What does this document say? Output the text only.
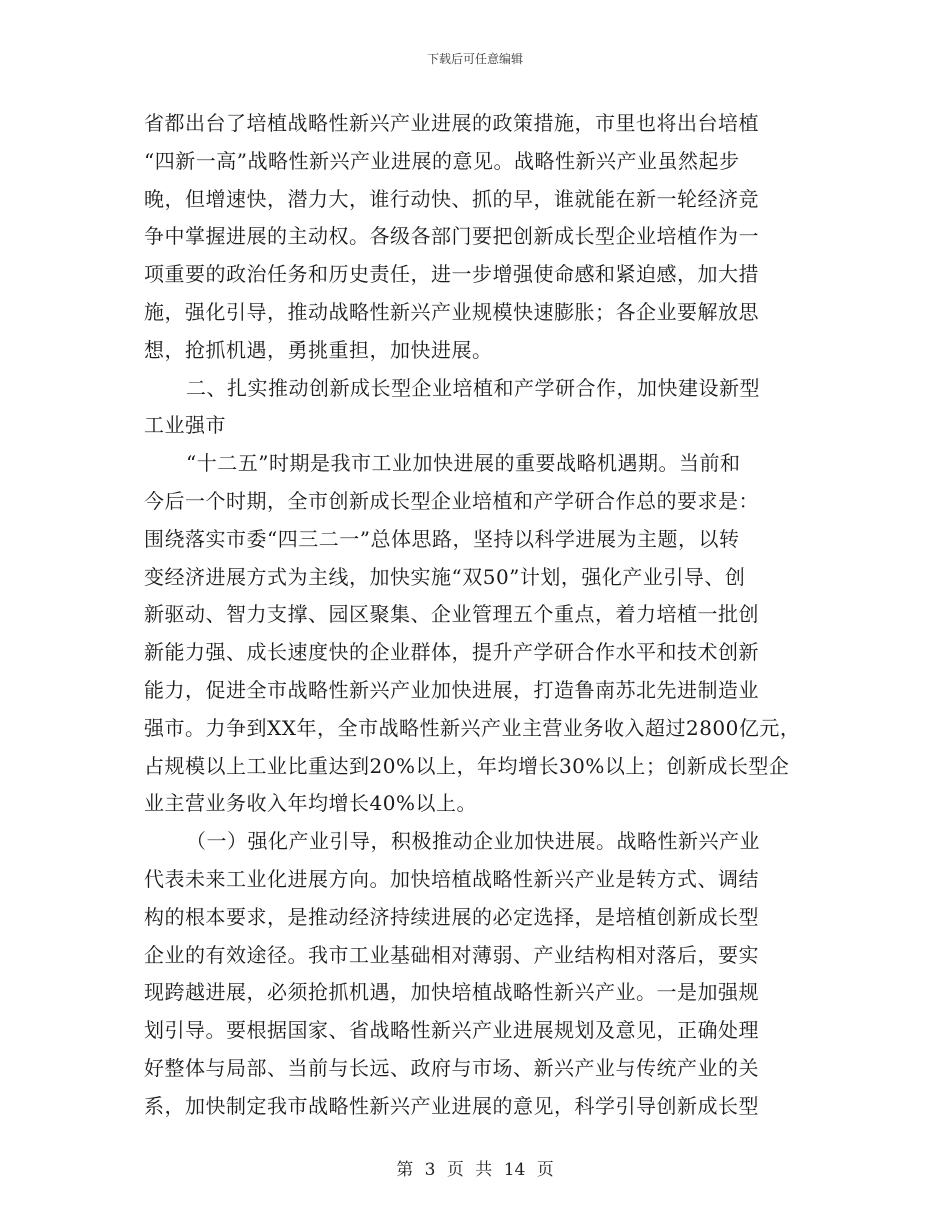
下载后可任意编辑
省都出台了培植战略性新兴产业进展的政策措施，市里也将出台培植
“四新一高”战略性新兴产业进展的意见。战略性新兴产业虽然起步
晚，但增速快，潜力大，谁行动快、抓的早，谁就能在新一轮经济竞
争中掌握进展的主动权。各级各部门要把创新成长型企业培植作为一
项重要的政治任务和历史责任，进一步增强使命感和紧迫感，加大措
施，强化引导，推动战略性新兴产业规模快速膨胀；各企业要解放思
想，抢抓机遇，勇挑重担，加快进展。
二、扎实推动创新成长型企业培植和产学研合作，加快建设新型
工业强市
“十二五”时期是我市工业加快进展的重要战略机遇期。当前和
今后一个时期，全市创新成长型企业培植和产学研合作总的要求是：
围绕落实市委“四三二一”总体思路，坚持以科学进展为主题，以转
变经济进展方式为主线，加快实施“双50”计划，强化产业引导、创
新驱动、智力支撑、园区聚集、企业管理五个重点，着力培植一批创
新能力强、成长速度快的企业群体，提升产学研合作水平和技术创新
能力，促进全市战略性新兴产业加快进展，打造鲁南苏北先进制造业
强市。力争到XX年，全市战略性新兴产业主营业务收入超过2800亿元，
占规模以上工业比重达到20%以上，年均增长30%以上；创新成长型企
业主营业务收入年均增长40%以上。
（一）强化产业引导，积极推动企业加快进展。战略性新兴产业
代表未来工业化进展方向。加快培植战略性新兴产业是转方式、调结
构的根本要求，是推动经济持续进展的必定选择，是培植创新成长型
企业的有效途径。我市工业基础相对薄弱、产业结构相对落后，要实
现跨越进展，必须抢抓机遇，加快培植战略性新兴产业。一是加强规
划引导。要根据国家、省战略性新兴产业进展规划及意见，正确处理
好整体与局部、当前与长远、政府与市场、新兴产业与传统产业的关
系，加快制定我市战略性新兴产业进展的意见，科学引导创新成长型
第 3 页 共 14 页
